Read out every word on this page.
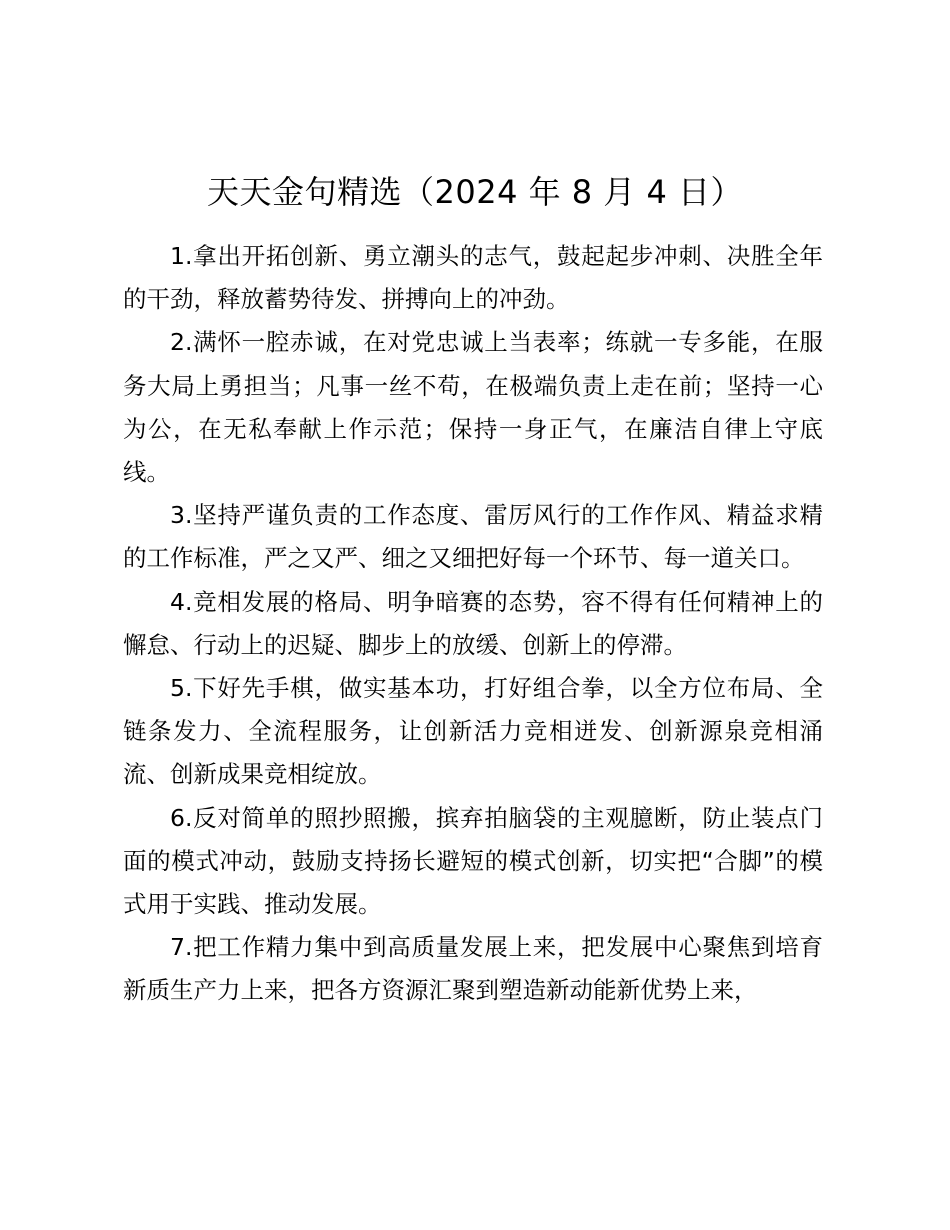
天天金句精选（2024 年 8 月 4 日）

1.拿出开拓创新、勇立潮头的志气，鼓起起步冲刺、决胜全年的干劲，释放蓄势待发、拼搏向上的冲劲。

2.满怀一腔赤诚，在对党忠诚上当表率；练就一专多能，在服务大局上勇担当；凡事一丝不苟，在极端负责上走在前；坚持一心为公，在无私奉献上作示范；保持一身正气，在廉洁自律上守底线。

3.坚持严谨负责的工作态度、雷厉风行的工作作风、精益求精的工作标准，严之又严、细之又细把好每一个环节、每一道关口。

4.竞相发展的格局、明争暗赛的态势，容不得有任何精神上的懈怠、行动上的迟疑、脚步上的放缓、创新上的停滞。

5.下好先手棋，做实基本功，打好组合拳，以全方位布局、全链条发力、全流程服务，让创新活力竞相迸发、创新源泉竞相涌流、创新成果竞相绽放。

6.反对简单的照抄照搬，摈弃拍脑袋的主观臆断，防止装点门面的模式冲动，鼓励支持扬长避短的模式创新，切实把“合脚”的模式用于实践、推动发展。

7.把工作精力集中到高质量发展上来，把发展中心聚焦到培育新质生产力上来，把各方资源汇聚到塑造新动能新优势上来，
